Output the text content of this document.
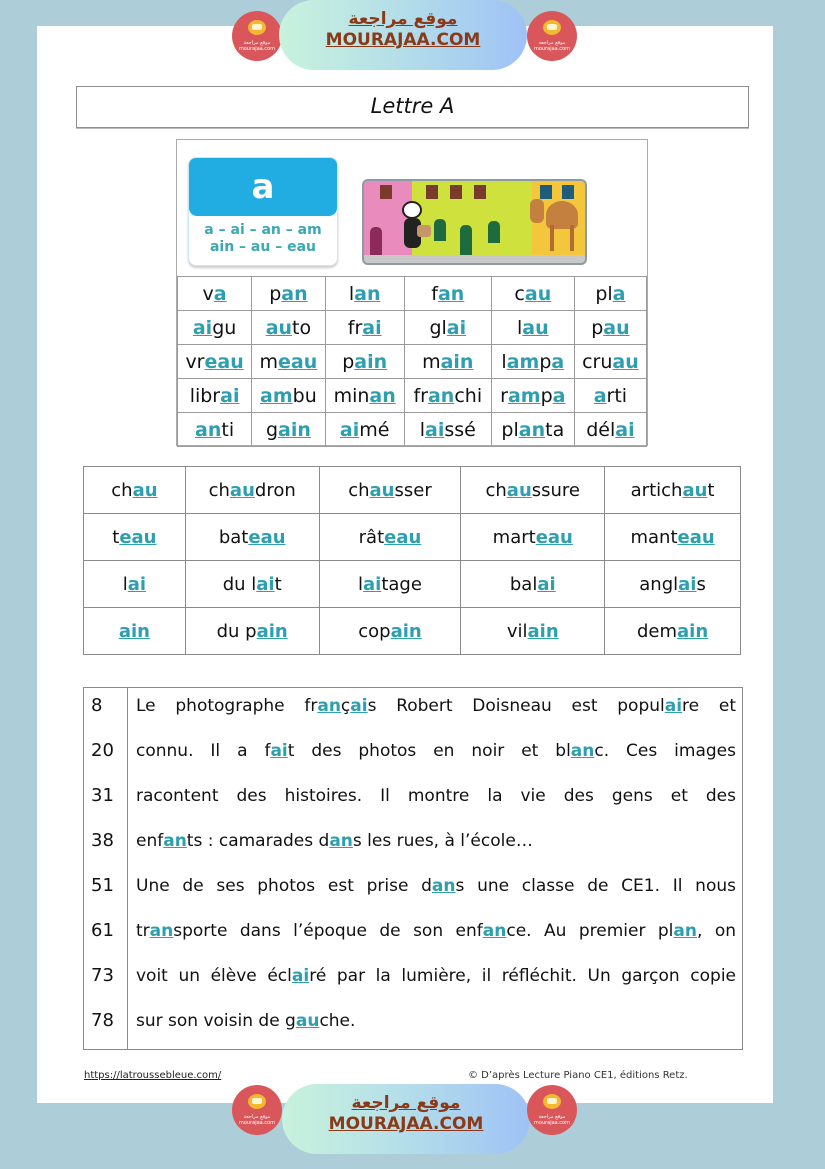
موقع مراجعة mourajaa.com
موقع مراجعة
MOURAJAA.COM	موقع مراجعة mourajaa.com
Lettre A
a
a – ai – an – am
ain – au – eau
va	pan	lan	fan	cau	pla
aigu	auto	frai	glai	lau	pau
vreau	meau	pain	main	lampa	cruau
librai	ambu	minan	franchi	rampa	arti
anti	gain	aimé	laissé	planta	délai
chau	chaudron	chausser	chaussure	artichaut
teau	bateau	râteau	marteau	manteau
lai	du lait	laitage	balai	anglais
ain	du pain	copain	vilain	demain
8 Le photographe français Robert Doisneau est populaire et
20 connu. Il a fait des photos en noir et blanc. Ces images
31 racontent des histoires. Il montre la vie des gens et des
38 enfants : camarades dans les rues, à l’école…
51 Une de ses photos est prise dans une classe de CE1. Il nous
61 transporte dans l’époque de son enfance. Au premier plan, on
73 voit un élève éclairé par la lumière, il réfléchit. Un garçon copie
78 sur son voisin de gauche.
https://latroussebleue.com/	© D’après Lecture Piano CE1, éditions Retz.
موقع مراجعة mourajaa.com
موقع مراجعة
MOURAJAA.COM	موقع مراجعة mourajaa.com
